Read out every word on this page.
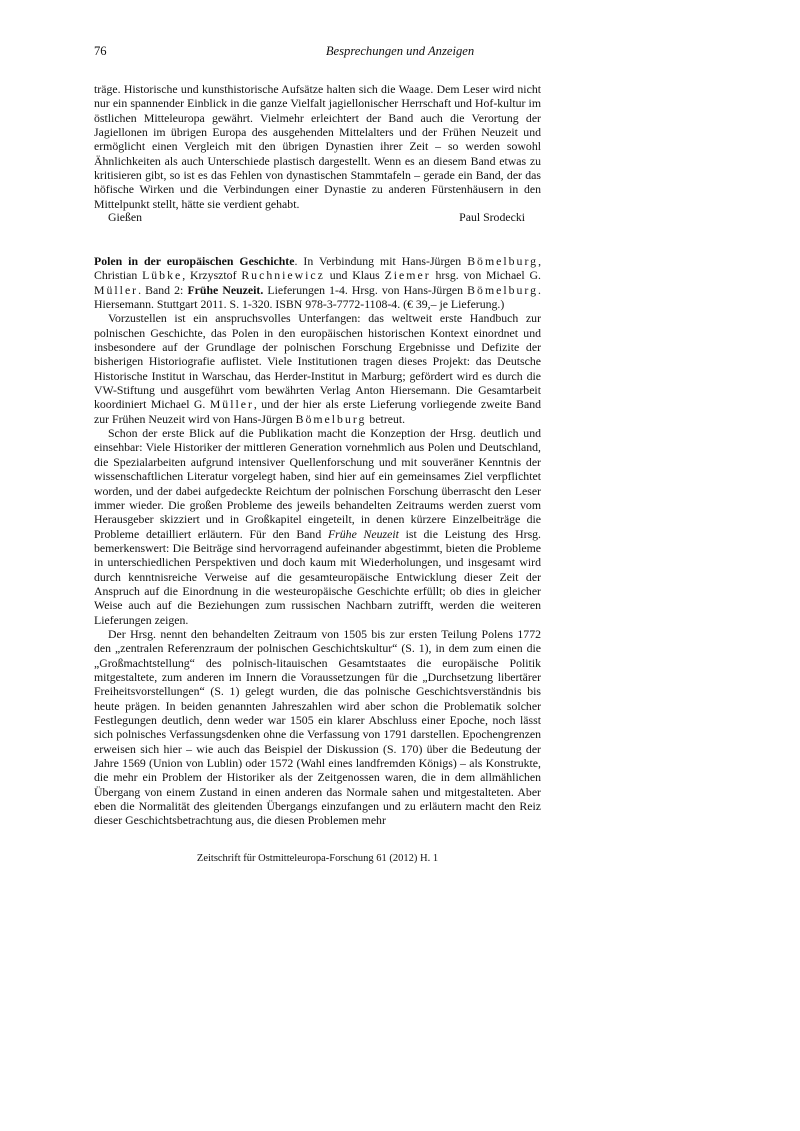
76	Besprechungen und Anzeigen

träge. Historische und kunsthistorische Aufsätze halten sich die Waage. Dem Leser wird nicht nur ein spannender Einblick in die ganze Vielfalt jagiellonischer Herrschaft und Hof-kultur im östlichen Mitteleuropa gewährt. Vielmehr erleichtert der Band auch die Verortung der Jagiellonen im übrigen Europa des ausgehenden Mittelalters und der Frühen Neuzeit und ermöglicht einen Vergleich mit den übrigen Dynastien ihrer Zeit – so werden sowohl Ähnlichkeiten als auch Unterschiede plastisch dargestellt. Wenn es an diesem Band etwas zu kritisieren gibt, so ist es das Fehlen von dynastischen Stammtafeln – gerade ein Band, der das höfische Wirken und die Verbindungen einer Dynastie zu anderen Fürstenhäusern in den Mittelpunkt stellt, hätte sie verdient gehabt.

Gießen	Paul Srodecki

Polen in der europäischen Geschichte. In Verbindung mit Hans-Jürgen Bömelburg, Christian Lübke, Krzysztof Ruchniewicz und Klaus Ziemer hrsg. von Michael G. Müller. Band 2: Frühe Neuzeit. Lieferungen 1-4. Hrsg. von Hans-Jürgen Bömelburg. Hiersemann. Stuttgart 2011. S. 1-320. ISBN 978-3-7772-1108-4. (€ 39,– je Lieferung.)

Vorzustellen ist ein anspruchsvolles Unterfangen: das weltweit erste Handbuch zur polnischen Geschichte, das Polen in den europäischen historischen Kontext einordnet und insbesondere auf der Grundlage der polnischen Forschung Ergebnisse und Defizite der bisherigen Historiografie auflistet. Viele Institutionen tragen dieses Projekt: das Deutsche Historische Institut in Warschau, das Herder-Institut in Marburg; gefördert wird es durch die VW-Stiftung und ausgeführt vom bewährten Verlag Anton Hiersemann. Die Gesamtarbeit koordiniert Michael G. Müller, und der hier als erste Lieferung vorliegende zweite Band zur Frühen Neuzeit wird von Hans-Jürgen Bömelburg betreut.

Schon der erste Blick auf die Publikation macht die Konzeption der Hrsg. deutlich und einsehbar: Viele Historiker der mittleren Generation vornehmlich aus Polen und Deutschland, die Spezialarbeiten aufgrund intensiver Quellenforschung und mit souveräner Kenntnis der wissenschaftlichen Literatur vorgelegt haben, sind hier auf ein gemeinsames Ziel verpflichtet worden, und der dabei aufgedeckte Reichtum der polnischen Forschung überrascht den Leser immer wieder. Die großen Probleme des jeweils behandelten Zeitraums werden zuerst vom Herausgeber skizziert und in Großkapitel eingeteilt, in denen kürzere Einzelbeiträge die Probleme detailliert erläutern. Für den Band Frühe Neuzeit ist die Leistung des Hrsg. bemerkenswert: Die Beiträge sind hervorragend aufeinander abgestimmt, bieten die Probleme in unterschiedlichen Perspektiven und doch kaum mit Wiederholungen, und insgesamt wird durch kenntnisreiche Verweise auf die gesamteuropäische Entwicklung dieser Zeit der Anspruch auf die Einordnung in die westeuropäische Geschichte erfüllt; ob dies in gleicher Weise auch auf die Beziehungen zum russischen Nachbarn zutrifft, werden die weiteren Lieferungen zeigen.

Der Hrsg. nennt den behandelten Zeitraum von 1505 bis zur ersten Teilung Polens 1772 den „zentralen Referenzraum der polnischen Geschichtskultur“ (S. 1), in dem zum einen die „Großmachtstellung“ des polnisch-litauischen Gesamtstaates die europäische Politik mitgestaltete, zum anderen im Innern die Voraussetzungen für die „Durchsetzung libertärer Freiheitsvorstellungen“ (S. 1) gelegt wurden, die das polnische Geschichtsverständnis bis heute prägen. In beiden genannten Jahreszahlen wird aber schon die Problematik solcher Festlegungen deutlich, denn weder war 1505 ein klarer Abschluss einer Epoche, noch lässt sich polnisches Verfassungsdenken ohne die Verfassung von 1791 darstellen. Epochengrenzen erweisen sich hier – wie auch das Beispiel der Diskussion (S. 170) über die Bedeutung der Jahre 1569 (Union von Lublin) oder 1572 (Wahl eines landfremden Königs) – als Konstrukte, die mehr ein Problem der Historiker als der Zeitgenossen waren, die in dem allmählichen Übergang von einem Zustand in einen anderen das Normale sahen und mitgestalteten. Aber eben die Normalität des gleitenden Übergangs einzufangen und zu erläutern macht den Reiz dieser Geschichtsbetrachtung aus, die diesen Problemen mehr

Zeitschrift für Ostmitteleuropa-Forschung 61 (2012) H. 1
